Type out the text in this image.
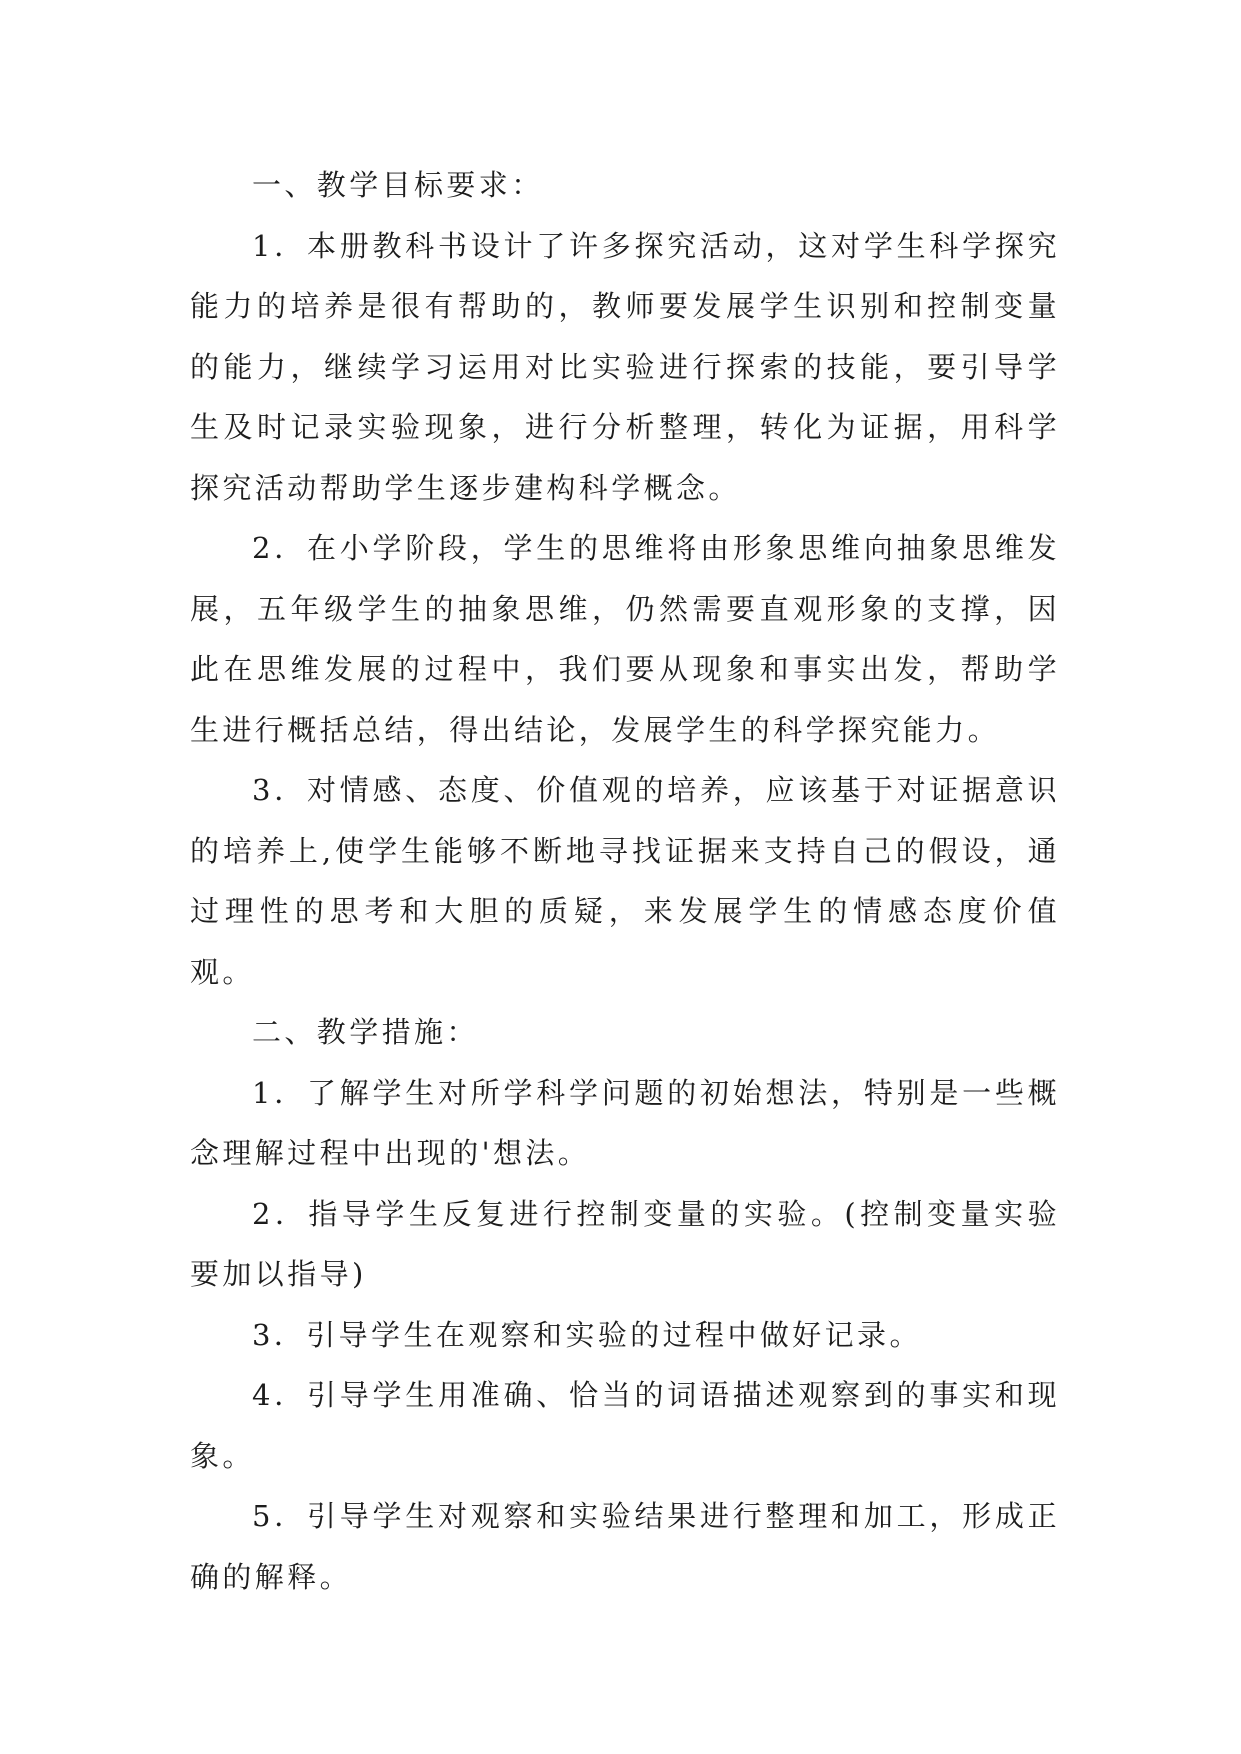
一、教学目标要求：

1．本册教科书设计了许多探究活动，这对学生科学探究能力的培养是很有帮助的，教师要发展学生识别和控制变量的能力，继续学习运用对比实验进行探索的技能，要引导学生及时记录实验现象，进行分析整理，转化为证据，用科学探究活动帮助学生逐步建构科学概念。

2．在小学阶段，学生的思维将由形象思维向抽象思维发展，五年级学生的抽象思维，仍然需要直观形象的支撑，因此在思维发展的过程中，我们要从现象和事实出发，帮助学生进行概括总结，得出结论，发展学生的科学探究能力。

3．对情感、态度、价值观的培养，应该基于对证据意识的培养上,使学生能够不断地寻找证据来支持自己的假设，通过理性的思考和大胆的质疑，来发展学生的情感态度价值观。

二、教学措施：

1．了解学生对所学科学问题的初始想法，特别是一些概念理解过程中出现的'想法。

2．指导学生反复进行控制变量的实验。(控制变量实验要加以指导)

3．引导学生在观察和实验的过程中做好记录。

4．引导学生用准确、恰当的词语描述观察到的事实和现象。

5．引导学生对观察和实验结果进行整理和加工，形成正确的解释。
